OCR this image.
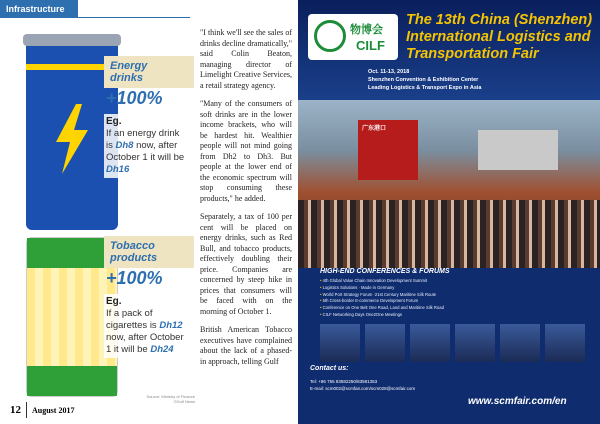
Infrastructure
Energy
drinks
+100%
Eg.
If an energy drink is Dh8 now, after October 1 it will be Dh16
Tobacco
products
+100%
Eg.
If a pack of cigarettes is Dh12 now, after October 1 it will be Dh24
Source: Ministry of Finance
©Gulf News

"I think we'll see the sales of drinks decline dramatically," said Colin Beaton, managing director of Limelight Creative Services, a retail strategy agency.

"Many of the consumers of soft drinks are in the lower income brackets, who will be hardest hit. Wealthier people will not mind going from Dh2 to Dh3. But people at the lower end of the economic spectrum will stop consuming these products," he added.

Separately, a tax of 100 per cent will be placed on energy drinks, such as Red Bull, and tobacco products, effectively doubling their price. Companies are concerned by steep hike in prices that consumers will be faced with on the morning of October 1.

British American Tobacco executives have complained about the lack of a phased-in approach, telling Gulf

12 August 2017
物博会
CILF
The 13th China (Shenzhen) International Logistics and Transportation Fair
Oct. 11-13, 2018
Shenzhen Convention & Exhibition Center
Leading Logistics & Transport Expo in Asia
广东港口
HIGH-END CONFERENCES & FORUMS
• 4th Global Value Chain Innovation Development Summit
• Logistics Solutions · Made in Germany
• World Port Strategy Forum ·21st Century Maritime Silk Route
• 5th Cross-border E-commerce Development Forum
• Conference on One Belt One Road, Land and Maritime Silk Road
• CILF Networking Days One2One Meetings
Contact us:
Tel: +86 755 83582250/83581353
E-mail: scm002@scmfair.com/scm028@scmfair.com
www.scmfair.com/en
